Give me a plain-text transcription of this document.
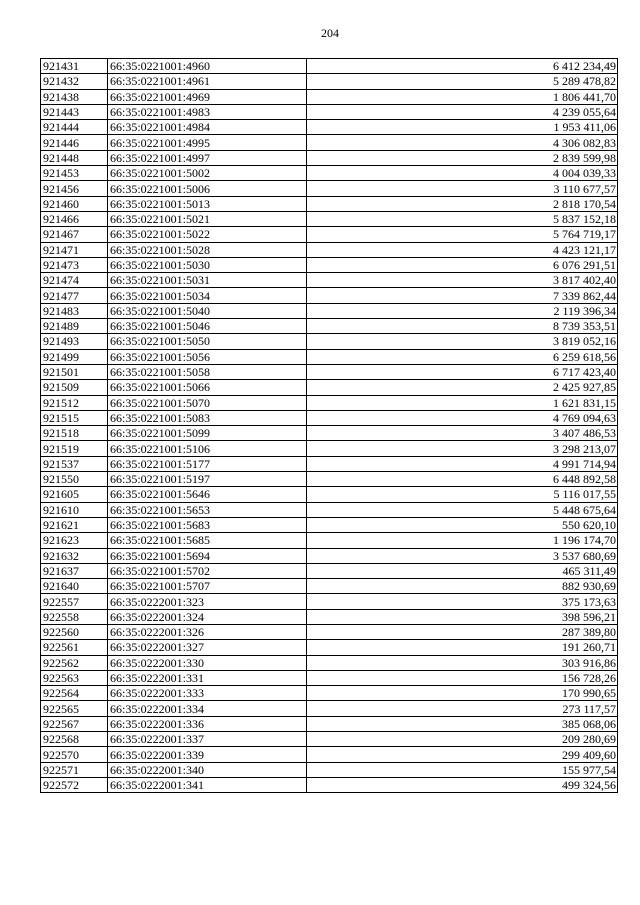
204
921431	66:35:0221001:4960	6 412 234,49
921432	66:35:0221001:4961	5 289 478,82
921438	66:35:0221001:4969	1 806 441,70
921443	66:35:0221001:4983	4 239 055,64
921444	66:35:0221001:4984	1 953 411,06
921446	66:35:0221001:4995	4 306 082,83
921448	66:35:0221001:4997	2 839 599,98
921453	66:35:0221001:5002	4 004 039,33
921456	66:35:0221001:5006	3 110 677,57
921460	66:35:0221001:5013	2 818 170,54
921466	66:35:0221001:5021	5 837 152,18
921467	66:35:0221001:5022	5 764 719,17
921471	66:35:0221001:5028	4 423 121,17
921473	66:35:0221001:5030	6 076 291,51
921474	66:35:0221001:5031	3 817 402,40
921477	66:35:0221001:5034	7 339 862,44
921483	66:35:0221001:5040	2 119 396,34
921489	66:35:0221001:5046	8 739 353,51
921493	66:35:0221001:5050	3 819 052,16
921499	66:35:0221001:5056	6 259 618,56
921501	66:35:0221001:5058	6 717 423,40
921509	66:35:0221001:5066	2 425 927,85
921512	66:35:0221001:5070	1 621 831,15
921515	66:35:0221001:5083	4 769 094,63
921518	66:35:0221001:5099	3 407 486,53
921519	66:35:0221001:5106	3 298 213,07
921537	66:35:0221001:5177	4 991 714,94
921550	66:35:0221001:5197	6 448 892,58
921605	66:35:0221001:5646	5 116 017,55
921610	66:35:0221001:5653	5 448 675,64
921621	66:35:0221001:5683	550 620,10
921623	66:35:0221001:5685	1 196 174,70
921632	66:35:0221001:5694	3 537 680,69
921637	66:35:0221001:5702	465 311,49
921640	66:35:0221001:5707	882 930,69
922557	66:35:0222001:323	375 173,63
922558	66:35:0222001:324	398 596,21
922560	66:35:0222001:326	287 389,80
922561	66:35:0222001:327	191 260,71
922562	66:35:0222001:330	303 916,86
922563	66:35:0222001:331	156 728,26
922564	66:35:0222001:333	170 990,65
922565	66:35:0222001:334	273 117,57
922567	66:35:0222001:336	385 068,06
922568	66:35:0222001:337	209 280,69
922570	66:35:0222001:339	299 409,60
922571	66:35:0222001:340	155 977,54
922572	66:35:0222001:341	499 324,56
